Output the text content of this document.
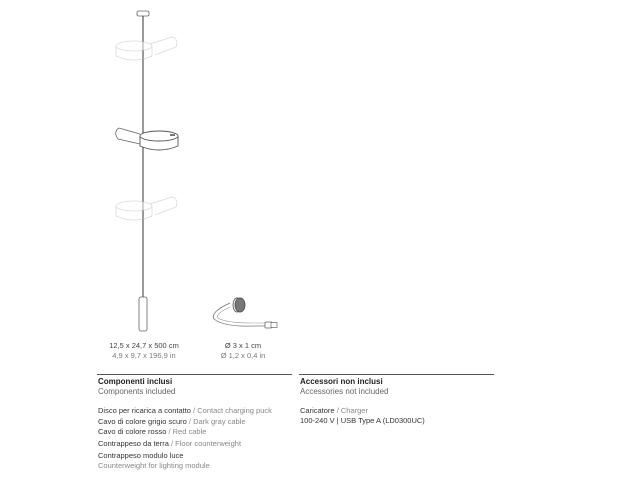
12,5 x 24,7 x 500 cm
4,9 x 9,7 x 196,9 in
Ø 3 x 1 cm
Ø 1,2 x 0,4 in
Componenti inclusi
Components included
Disco per ricarica a contatto / Contact charging puck
Cavo di colore grigio scuro / Dark gray cable
Cavo di colore rosso / Red cable
Contrappeso da terra / Floor counterweight
Contrappeso modulo luce
Counterweight for lighting module
Accessori non inclusi
Accessories not included
Caricatore / Charger
100-240 V | USB Type A (LD0300UC)
